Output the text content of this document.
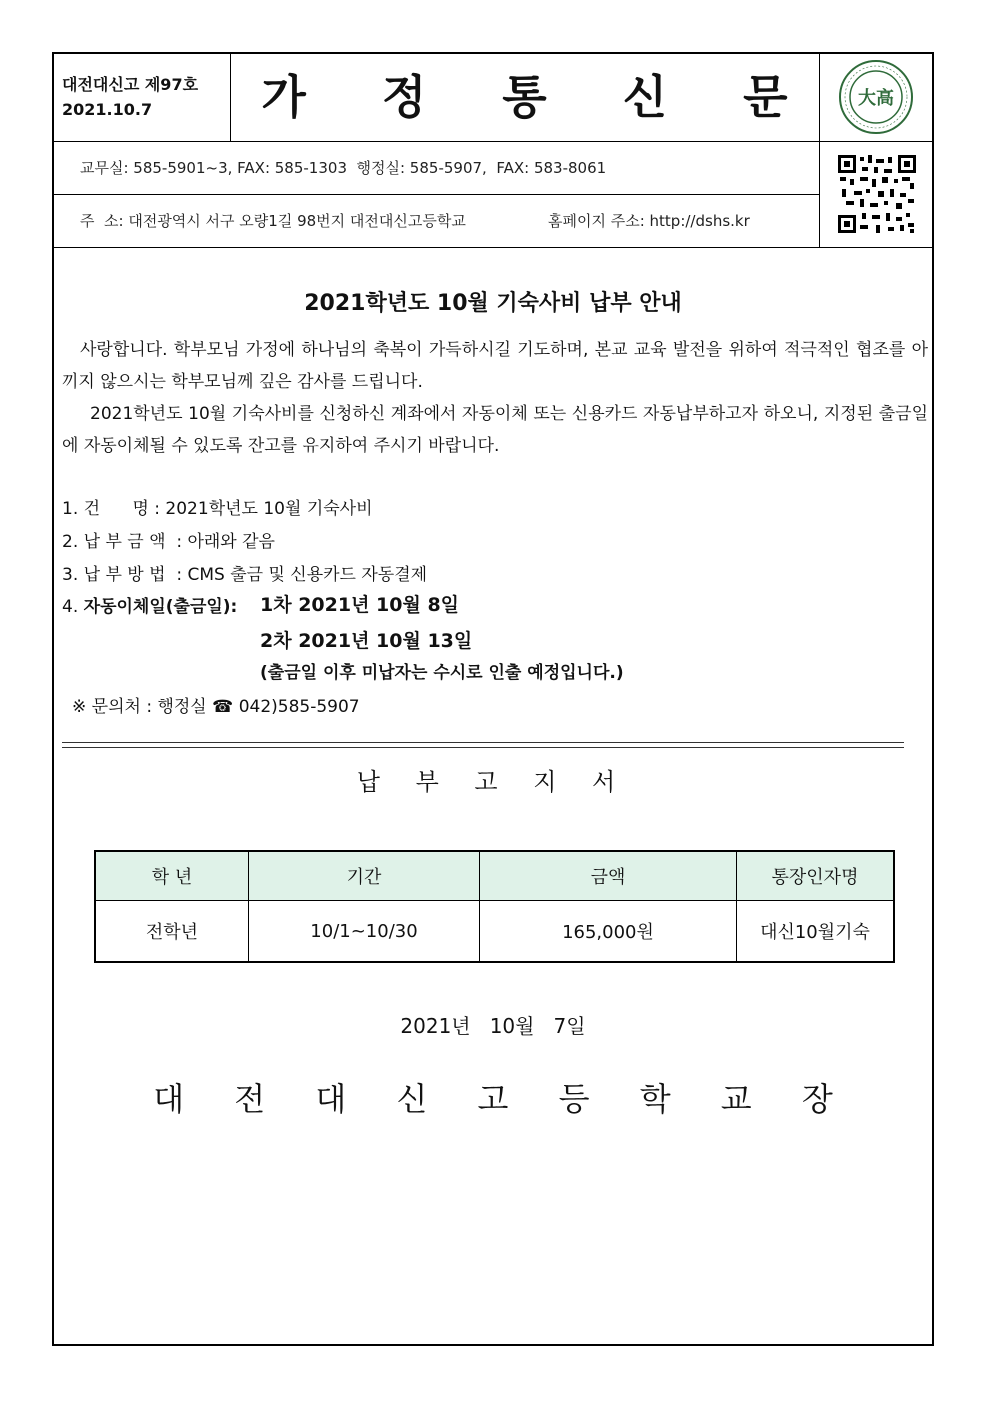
대전대신고 제97호
2021.10.7	가 정 통 신 문 大高
교무실: 585-5901~3, FAX: 585-1303  행정실: 585-5907,  FAX: 583-8061
주  소: 대전광역시 서구 오량1길 98번지 대전대신고등학교	홈페이지 주소: http://dshs.kr
2021학년도 10월 기숙사비 납부 안내
사랑합니다. 학부모님 가정에 하나님의 축복이 가득하시길 기도하며, 본교 교육 발전을 위하여 적극적인 협조를 아끼지 않으시는 학부모님께 깊은 감사를 드립니다.
2021학년도 10월 기숙사비를 신청하신 계좌에서 자동이체 또는 신용카드 자동납부하고자 하오니, 지정된 출금일에 자동이체될 수 있도록 잔고를 유지하여 주시기 바랍니다.
1. 건      명 : 2021학년도 10월 기숙사비
2. 납 부 금 액  : 아래와 같음
3. 납 부 방 법  : CMS 출금 및 신용카드 자동결제
4. 자동이체일(출금일): 1차 2021년 10월 8일
2차 2021년 10월 13일
(출금일 이후 미납자는 수시로 인출 예정입니다.)
※ 문의처 : 행정실 ☎ 042)585-5907
납 부 고 지 서
학 년	기간	금액	통장인자명
전학년	10/1~10/30	165,000원	대신10월기숙
2021년   10월   7일
대 전 대 신 고 등 학 교 장
